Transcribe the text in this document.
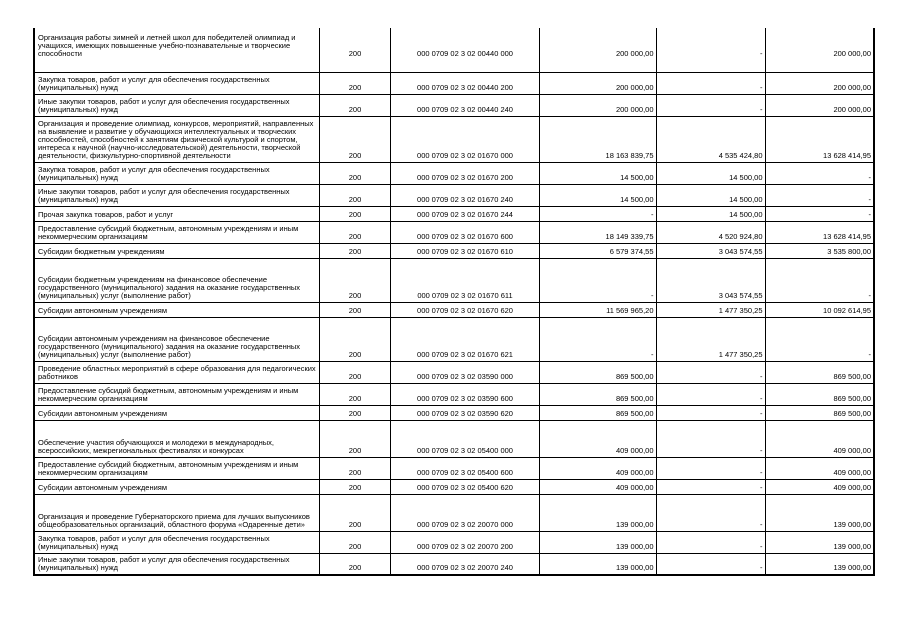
Организация работы зимней и летней школ для победителей олимпиад и учащихся, имеющих повышенные учебно-познавательные и творческие способности	200	000 0709 02 3 02 00440 000	200 000,00	-	200 000,00
Закупка товаров, работ и услуг для обеспечения государственных (муниципальных) нужд	200	000 0709 02 3 02 00440 200	200 000,00	-	200 000,00
Иные закупки товаров, работ и услуг для обеспечения государственных (муниципальных) нужд	200	000 0709 02 3 02 00440 240	200 000,00	-	200 000,00
Организация и проведение олимпиад, конкурсов, мероприятий, направленных на выявление и развитие у обучающихся интеллектуальных и творческих способностей, способностей к занятиям физической культурой и спортом, интереса к научной (научно-исследовательской) деятельности, творческой деятельности, физкультурно-спортивной деятельности	200	000 0709 02 3 02 01670 000	18 163 839,75	4 535 424,80	13 628 414,95
Закупка товаров, работ и услуг для обеспечения государственных (муниципальных) нужд	200	000 0709 02 3 02 01670 200	14 500,00	14 500,00	-
Иные закупки товаров, работ и услуг для обеспечения государственных (муниципальных) нужд	200	000 0709 02 3 02 01670 240	14 500,00	14 500,00	-
Прочая закупка товаров, работ и услуг	200	000 0709 02 3 02 01670 244	-	14 500,00	-
Предоставление субсидий бюджетным, автономным учреждениям и иным некоммерческим организациям	200	000 0709 02 3 02 01670 600	18 149 339,75	4 520 924,80	13 628 414,95
Субсидии бюджетным учреждениям	200	000 0709 02 3 02 01670 610	6 579 374,55	3 043 574,55	3 535 800,00
Субсидии бюджетным учреждениям на финансовое обеспечение государственного (муниципального) задания на оказание государственных (муниципальных) услуг (выполнение работ)	200	000 0709 02 3 02 01670 611	-	3 043 574,55	-
Субсидии автономным учреждениям	200	000 0709 02 3 02 01670 620	11 569 965,20	1 477 350,25	10 092 614,95
Субсидии автономным учреждениям на финансовое обеспечение государственного (муниципального) задания на оказание государственных (муниципальных) услуг (выполнение работ)	200	000 0709 02 3 02 01670 621	-	1 477 350,25	-
Проведение областных мероприятий в сфере образования для педагогических работников	200	000 0709 02 3 02 03590 000	869 500,00	-	869 500,00
Предоставление субсидий бюджетным, автономным учреждениям и иным некоммерческим организациям	200	000 0709 02 3 02 03590 600	869 500,00	-	869 500,00
Субсидии автономным учреждениям	200	000 0709 02 3 02 03590 620	869 500,00	-	869 500,00
Обеспечение участия обучающихся и молодежи в международных, всероссийских, межрегиональных фестивалях и конкурсах	200	000 0709 02 3 02 05400 000	409 000,00	-	409 000,00
Предоставление субсидий бюджетным, автономным учреждениям и иным некоммерческим организациям	200	000 0709 02 3 02 05400 600	409 000,00	-	409 000,00
Субсидии автономным учреждениям	200	000 0709 02 3 02 05400 620	409 000,00	-	409 000,00
Организация и проведение Губернаторского приема для лучших выпускников общеобразовательных организаций, областного форума «Одаренные дети»	200	000 0709 02 3 02 20070 000	139 000,00	-	139 000,00
Закупка товаров, работ и услуг для обеспечения государственных (муниципальных) нужд	200	000 0709 02 3 02 20070 200	139 000,00	-	139 000,00
Иные закупки товаров, работ и услуг для обеспечения государственных (муниципальных) нужд	200	000 0709 02 3 02 20070 240	139 000,00	-	139 000,00
